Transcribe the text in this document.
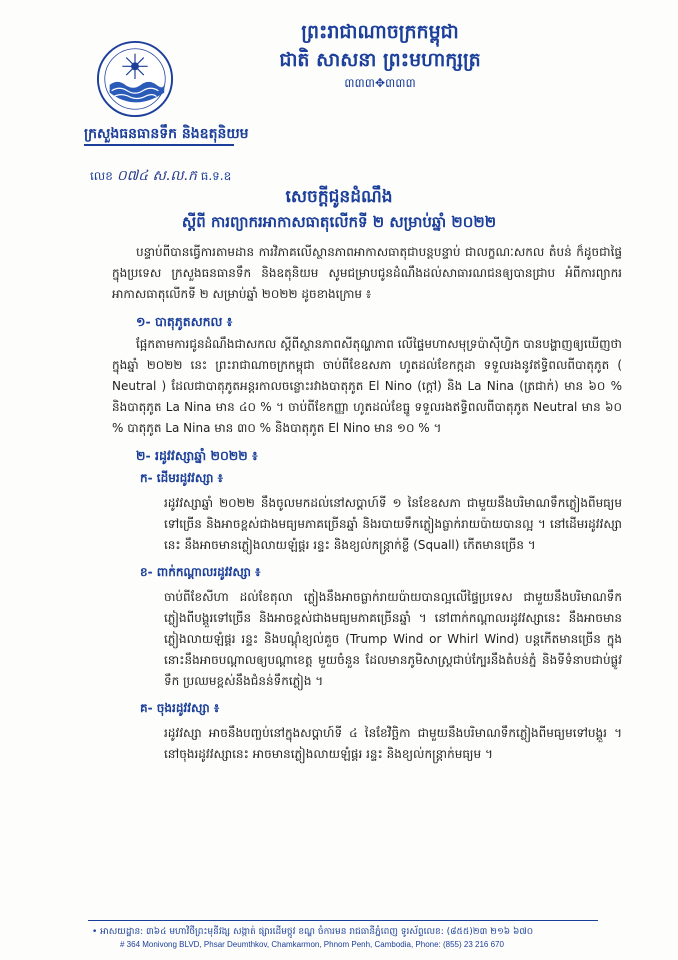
ព្រះរាជាណាចក្រកម្ពុជា
ជាតិ សាសនា ព្រះមហាក្សត្រ
៣៣៣✥៣៣៣
ក្រសួងធនធានទឹក និងឧតុនិយម
លេខ ០៧៤ ស.ល.ក ធ.ទ.ឧ
សេចក្តីជូនដំណឹង
ស្តីពី ការព្យាករអាកាសធាតុលើកទី ២ សម្រាប់ឆ្នាំ ២០២២

បន្ទាប់ពីបានធ្វើការតាមដាន ការវិភាគលើស្ថានភាពអាកាសធាតុជាបន្តបន្ទាប់ ជាលក្ខណៈសកល តំបន់ ក៏ដូចជាផ្ទៃក្នុងប្រទេស ក្រសួងធនធានទឹក និងឧតុនិយម សូមជម្រាបជូនដំណឹងដល់សាធារណជនឲ្យបានជ្រាប អំពីការព្យាករអាកាសធាតុលើកទី ២ សម្រាប់ឆ្នាំ ២០២២ ដូចខាងក្រោម ៖

១- បាតុភូតសកល ៖

ផ្អែកតាមការជូនដំណឹងជាសកល ស្តីពីស្ថានភាពសីតុណ្ហភាព លើផ្ទៃមហាសមុទ្រប៉ាស៊ីហ្វិក បានបង្ហាញឲ្យឃើញថា ក្នុងឆ្នាំ ២០២២ នេះ ព្រះរាជាណាចក្រកម្ពុជា ចាប់ពីខែឧសភា ហូតដល់ខែកក្កដា ទទួលរងនូវឥទ្ធិពលពីបាតុភូត ( Neutral ) ដែលជាបាតុភូតអន្តរកាលចន្លោះរវាងបាតុភូត El Nino (ក្តៅ) និង La Nina (ត្រជាក់) មាន ៦០ % និងបាតុភូត La Nina មាន ៤០ % ។ ចាប់ពីខែកញ្ញា ហូតដល់ខែធ្នូ ទទួលរងឥទ្ធិពលពីបាតុភូត Neutral មាន ៦០ % បាតុភូត La Nina មាន ៣០ % និងបាតុភូត El Nino មាន ១០ % ។

២- រដូវវស្សាឆ្នាំ ២០២២ ៖
ក- ដើមរដូវវស្សា ៖

រដូវវស្សាឆ្នាំ ២០២២ នឹងចូលមកដល់នៅសប្តាហ៍ទី ១ នៃខែឧសភា ជាមួយនឹងបរិមាណទឹកភ្លៀងពីមធ្យមទៅច្រើន និងអាចខ្ពស់ជាងមធ្យមភាគច្រើនឆ្នាំ និងរបាយទឹកភ្លៀងធ្លាក់រាយប៉ាយបានល្អ ។ នៅដើមរដូវវស្សានេះ នឹងអាចមានភ្លៀងលាយឡំផ្គរ រន្ទះ និងខ្យល់កន្ត្រាក់ខ្លី (Squall) កើតមានច្រើន ។

ខ- ពាក់កណ្តាលរដូវវស្សា ៖

ចាប់ពីខែសីហា ដល់ខែតុលា ភ្លៀងនឹងអាចធ្លាក់រាយប៉ាយបានល្អលើផ្ទៃប្រទេស ជាមួយនឹងបរិមាណទឹកភ្លៀងពីបង្គួរទៅច្រើន និងអាចខ្ពស់ជាងមធ្យមភាគច្រើនឆ្នាំ ។ នៅពាក់កណ្តាលរដូវវស្សានេះ នឹងអាចមានភ្លៀងលាយឡំផ្គរ រន្ទះ និងបណ្តុំខ្យល់គួច (Trump Wind or Whirl Wind) បន្តកើតមានច្រើន ក្នុងនោះនឹងអាចបណ្តាលឲ្យបណ្តាខេត្ត មួយចំនួន ដែលមានភូមិសាស្ត្រជាប់ក្បែរនឹងតំបន់ភ្នំ និងទីទំនាបជាប់ផ្លូវទឹក ប្រឈមខ្ពស់នឹងជំនន់ទឹកភ្លៀង ។

គ- ចុងរដូវវស្សា ៖

រដូវវស្សា អាចនឹងបញ្ចប់នៅក្នុងសប្តាហ៍ទី ៤ នៃខែវិច្ឆិកា ជាមួយនឹងបរិមាណទឹកភ្លៀងពីមធ្យមទៅបង្គួរ ។ នៅចុងរដូវវស្សានេះ អាចមានភ្លៀងលាយឡំផ្គរ រន្ទះ និងខ្យល់កន្ត្រាក់មធ្យម ។

• អាសយដ្ឋាន: ៣៦៤ មហាវិថីព្រះមុនីវង្ស សង្កាត់ ផ្សារដើមថ្កូវ ខណ្ឌ ចំការមន រាជធានីភ្នំពេញ ទូរស័ព្ទលេខ: (៨៥៥)២៣ ២១៦ ៦៧០
# 364 Monivong BLVD, Phsar Deumthkov, Chamkarmon, Phnom Penh, Cambodia, Phone: (855) 23 216 670
